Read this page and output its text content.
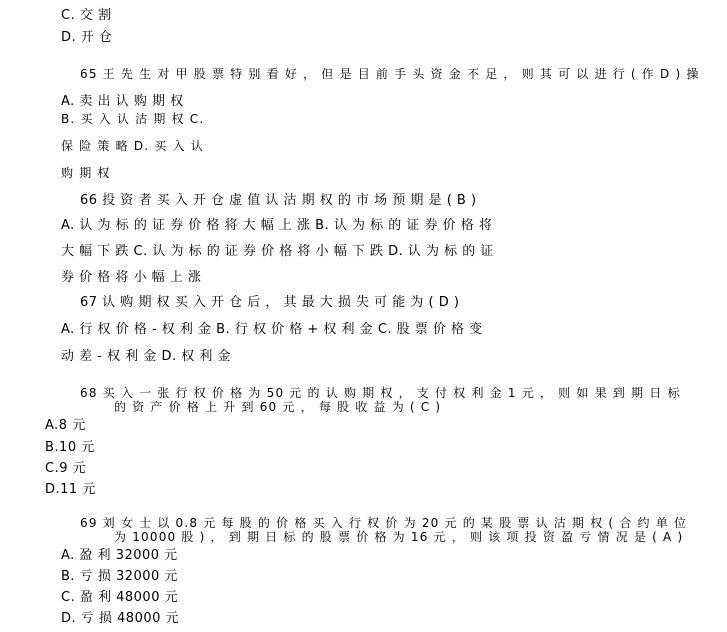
C. 交 割
D. 开 仓
65 王 先 生 对 甲 股 票 特 别 看 好 ， 但 是 目 前 手 头 资 金 不 足 ， 则 其 可 以 进 行 ( 作 D ) 操
A. 卖 出 认 购 期 权
B. 买 入 认 沽 期 权 C.
保 险 策 略 D. 买 入 认
购 期 权
66 投 资 者 买 入 开 仓 虚 值 认 沽 期 权 的 市 场 预 期 是 ( B )
A. 认 为 标 的 证 券 价 格 将 大 幅 上 涨 B. 认 为 标 的 证 券 价 格 将
大 幅 下 跌 C. 认 为 标 的 证 券 价 格 将 小 幅 下 跌 D. 认 为 标 的 证
券 价 格 将 小 幅 上 涨
67 认 购 期 权 买 入 开 仓 后 ， 其 最 大 损 失 可 能 为 ( D )
A. 行 权 价 格 - 权 利 金 B. 行 权 价 格 + 权 利 金 C. 股 票 价 格 变
动 差 - 权 利 金 D. 权 利 金
68 买 入 一 张 行 权 价 格 为 50 元 的 认 购 期 权 ， 支 付 权 利 金 1 元 ， 则 如 果 到 期 日 标
的 资 产 价 格 上 升 到 60 元 ， 每 股 收 益 为 ( C )
A.8 元
B.10 元
C.9 元
D.11 元
69 刘 女 士 以 0.8 元 每 股 的 价 格 买 入 行 权 价 为 20 元 的 某 股 票 认 沽 期 权 ( 合 约 单 位
为 10000 股 ) ， 到 期 日 标 的 股 票 价 格 为 16 元 ， 则 该 项 投 资 盈 亏 情 况 是 ( A )
A. 盈 利 32000 元
B. 亏 损 32000 元
C. 盈 利 48000 元
D. 亏 损 48000 元
